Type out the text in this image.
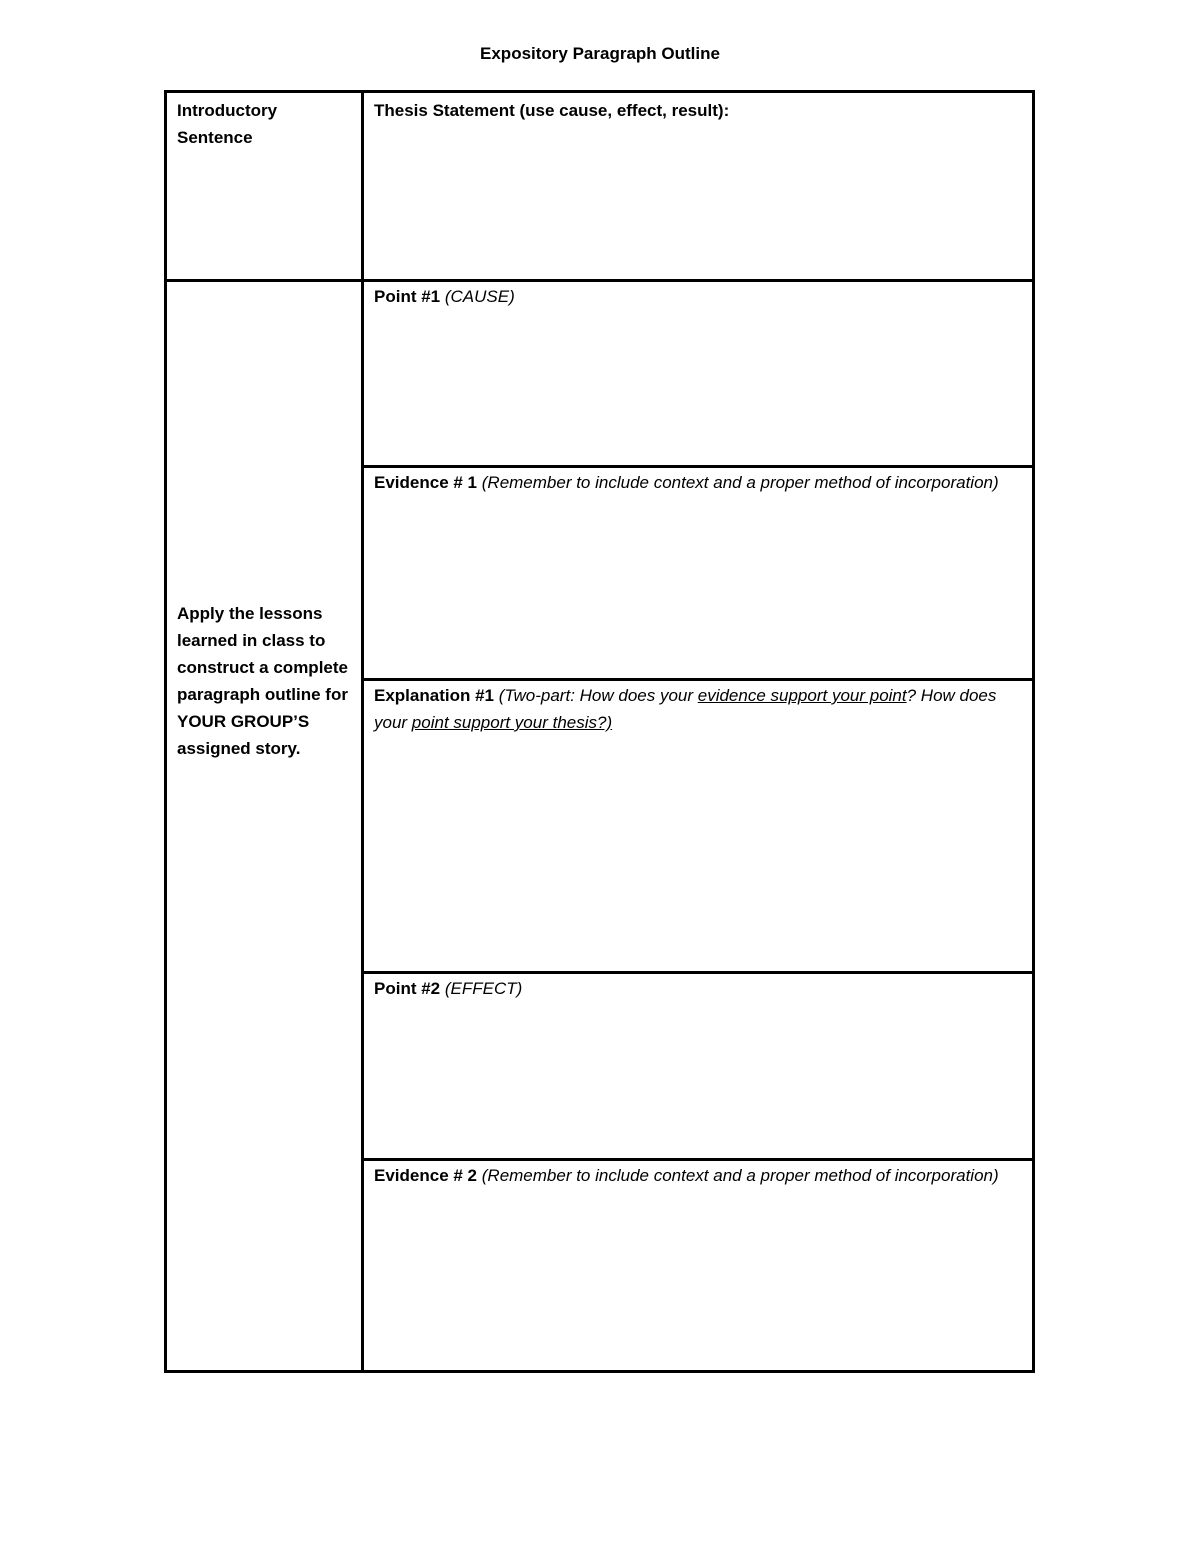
Expository Paragraph Outline
Introductory Sentence
Apply the lessons learned in class to construct a complete paragraph outline for YOUR GROUP’S assigned story.
Thesis Statement (use cause, effect, result):
Point #1 (CAUSE)
Evidence # 1 (Remember to include context and a proper method of incorporation)
Explanation #1 (Two-part: How does your evidence support your point? How does your point support your thesis?)
Point #2 (EFFECT)
Evidence # 2 (Remember to include context and a proper method of incorporation)
